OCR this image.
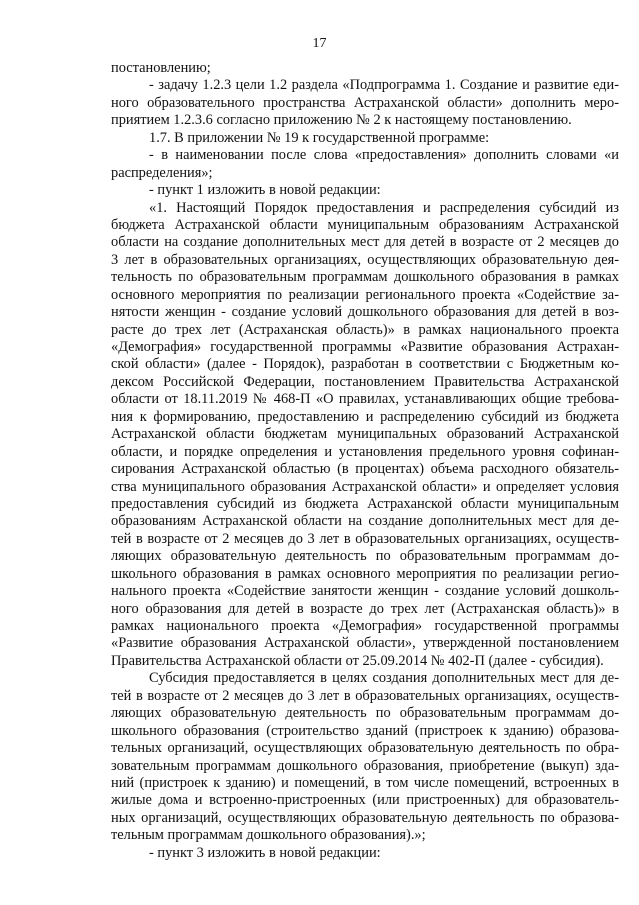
17
постановлению;
- задачу 1.2.3 цели 1.2 раздела «Подпрограмма 1. Создание и развитие еди-
ного образовательного пространства Астраханской области» дополнить меро-
приятием 1.2.3.6 согласно приложению № 2 к настоящему постановлению.
1.7. В приложении № 19 к государственной программе:
- в наименовании после слова «предоставления» дополнить словами «и
распределения»;
- пункт 1 изложить в новой редакции:
«1. Настоящий Порядок предоставления и распределения субсидий из
бюджета Астраханской области муниципальным образованиям Астраханской
области на создание дополнительных мест для детей в возрасте от 2 месяцев до
3 лет в образовательных организациях, осуществляющих образовательную дея-
тельность по образовательным программам дошкольного образования в рамках
основного мероприятия по реализации регионального проекта «Содействие за-
нятости женщин - создание условий дошкольного образования для детей в воз-
расте до трех лет (Астраханская область)» в рамках национального проекта
«Демография» государственной программы «Развитие образования Астрахан-
ской области» (далее - Порядок), разработан в соответствии с Бюджетным ко-
дексом Российской Федерации, постановлением Правительства Астраханской
области от 18.11.2019 № 468-П «О правилах, устанавливающих общие требова-
ния к формированию, предоставлению и распределению субсидий из бюджета
Астраханской области бюджетам муниципальных образований Астраханской
области, и порядке определения и установления предельного уровня софинан-
сирования Астраханской областью (в процентах) объема расходного обязатель-
ства муниципального образования Астраханской области» и определяет условия
предоставления субсидий из бюджета Астраханской области муниципальным
образованиям Астраханской области на создание дополнительных мест для де-
тей в возрасте от 2 месяцев до 3 лет в образовательных организациях, осуществ-
ляющих образовательную деятельность по образовательным программам до-
школьного образования в рамках основного мероприятия по реализации регио-
нального проекта «Содействие занятости женщин - создание условий дошколь-
ного образования для детей в возрасте до трех лет (Астраханская область)» в
рамках национального проекта «Демография» государственной программы
«Развитие образования Астраханской области», утвержденной постановлением
Правительства Астраханской области от 25.09.2014 № 402-П (далее - субсидия).
Субсидия предоставляется в целях создания дополнительных мест для де-
тей в возрасте от 2 месяцев до 3 лет в образовательных организациях, осуществ-
ляющих образовательную деятельность по образовательным программам до-
школьного образования (строительство зданий (пристроек к зданию) образова-
тельных организаций, осуществляющих образовательную деятельность по обра-
зовательным программам дошкольного образования, приобретение (выкуп) зда-
ний (пристроек к зданию) и помещений, в том числе помещений, встроенных в
жилые дома и встроенно-пристроенных (или пристроенных) для образователь-
ных организаций, осуществляющих образовательную деятельность по образова-
тельным программам дошкольного образования).»;
- пункт 3 изложить в новой редакции:
